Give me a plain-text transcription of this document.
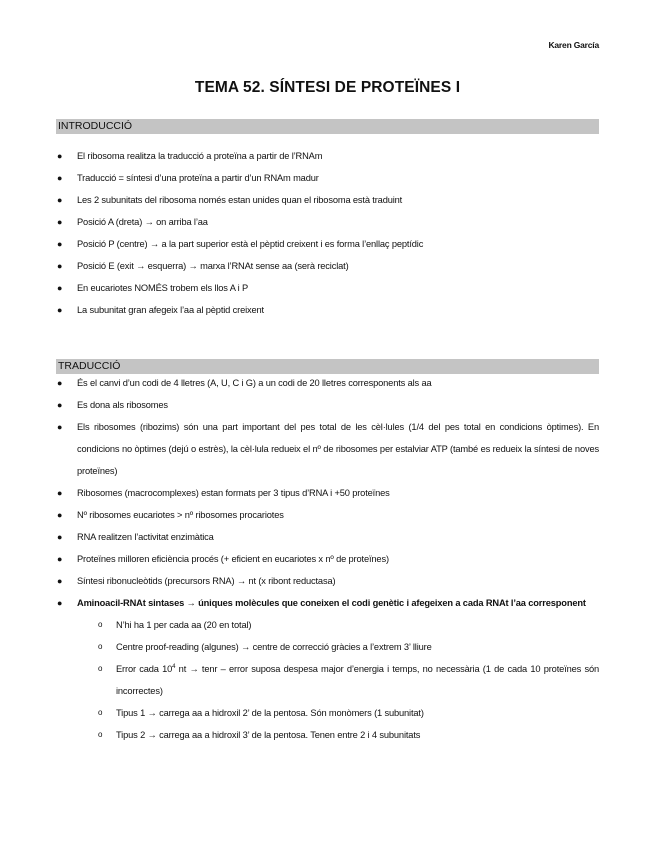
Karen García
TEMA 52. SÍNTESI DE PROTEÏNES I
INTRODUCCIÓ
● El ribosoma realitza la traducció a proteïna a partir de l’RNAm
● Traducció = síntesi d’una proteïna a partir d’un RNAm madur
● Les 2 subunitats del ribosoma només estan unides quan el ribosoma està traduint
● Posició A (dreta) → on arriba l’aa
● Posició P (centre) → a la part superior està el pèptid creixent i es forma l’enllaç peptídic
● Posició E (exit → esquerra) → marxa l’RNAt sense aa (serà reciclat)
● En eucariotes NOMÉS trobem els llos A i P
● La subunitat gran afegeix l’aa al pèptid creixent
TRADUCCIÓ
● És el canvi d’un codi de 4 lletres (A, U, C i G) a un codi de 20 lletres corresponents als aa
● Es dona als ribosomes
● Els ribosomes (ribozims) són una part important del pes total de les cèl·lules (1/4 del pes total en condicions òptimes). En condicions no òptimes (dejú o estrès), la cèl·lula redueix el nº de ribosomes per estalviar ATP (també es redueix la síntesi de noves proteïnes)
● Ribosomes (macrocomplexes) estan formats per 3 tipus d’RNA i +50 proteïnes
● Nº ribosomes eucariotes > nº ribosomes procariotes
● RNA realitzen l’activitat enzimàtica
● Proteïnes milloren eficiència procés (+ eficient en eucariotes x nº de proteïnes)
● Síntesi ribonucleòtids (precursors RNA) → nt (x ribont reductasa)
● Aminoacil-RNAt sintases → úniques molècules que coneixen el codi genètic i afegeixen a cada RNAt l’aa corresponent
o N’hi ha 1 per cada aa (20 en total)
o Centre proof-reading (algunes) → centre de correcció gràcies a l’extrem 3’ lliure
o Error cada $10^4$ nt → tenr – error suposa despesa major d’energia i temps, no necessària (1 de cada 10 proteïnes són incorrectes)
o Tipus 1 → carrega aa a hidroxil 2’ de la pentosa. Són monòmers (1 subunitat)
o Tipus 2 → carrega aa a hidroxil 3’ de la pentosa. Tenen entre 2 i 4 subunitats
